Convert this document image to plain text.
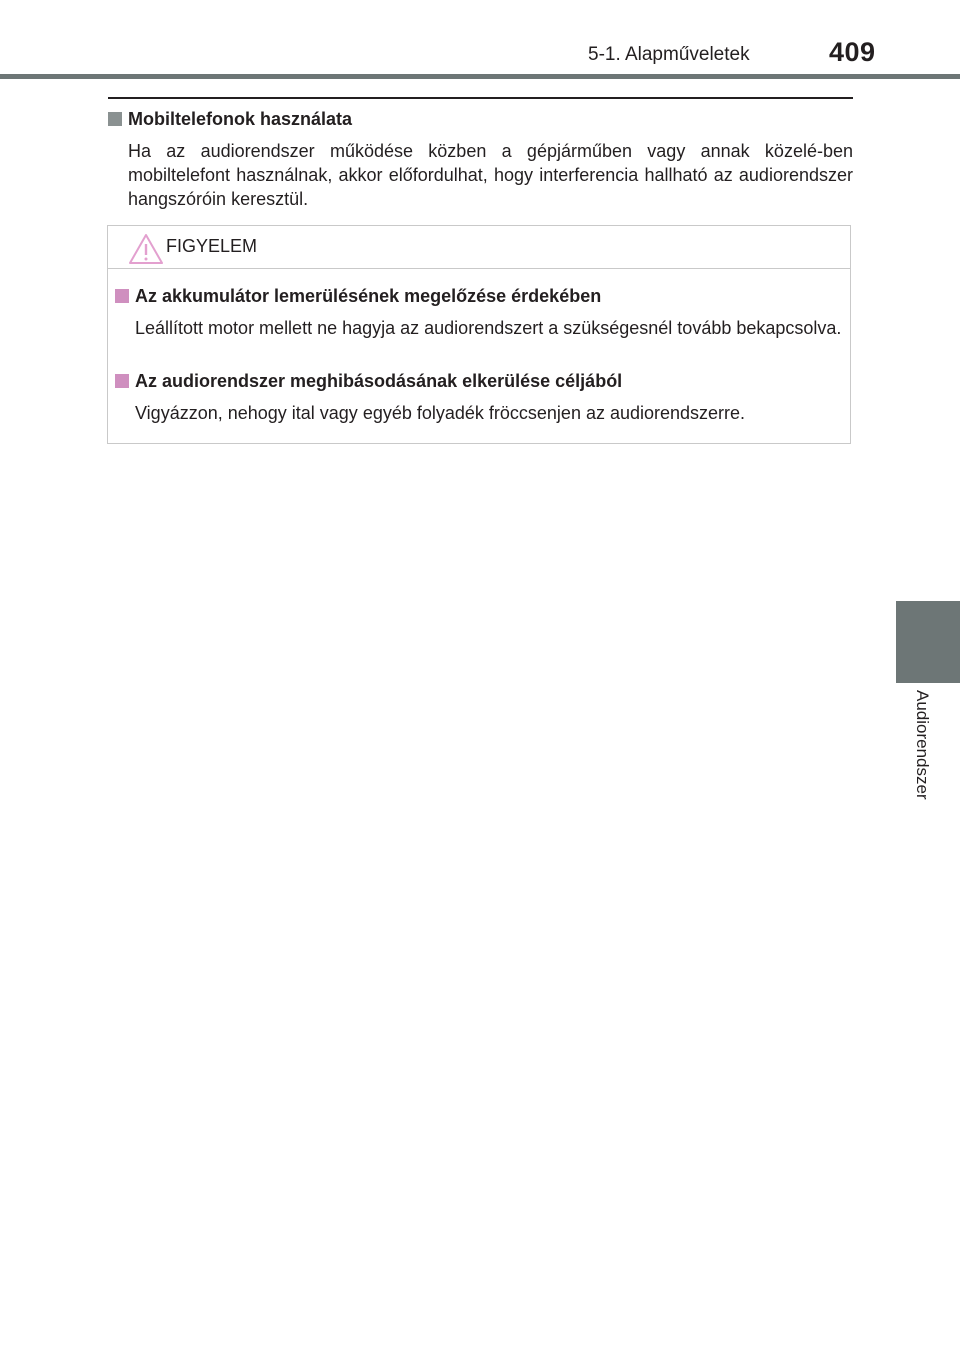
5-1. Alapműveletek	409
5
Audiorendszer
Mobiltelefonok használata
Ha az audiorendszer működése közben a gépjárműben vagy annak közelé-ben mobiltelefont használnak, akkor előfordulhat, hogy interferencia hallható az audiorendszer hangszóróin keresztül.
FIGYELEM
Az akkumulátor lemerülésének megelőzése érdekében
Leállított motor mellett ne hagyja az audiorendszert a szükségesnél tovább bekapcsolva.
Az audiorendszer meghibásodásának elkerülése céljából
Vigyázzon, nehogy ital vagy egyéb folyadék fröccsenjen az audiorendszerre.
